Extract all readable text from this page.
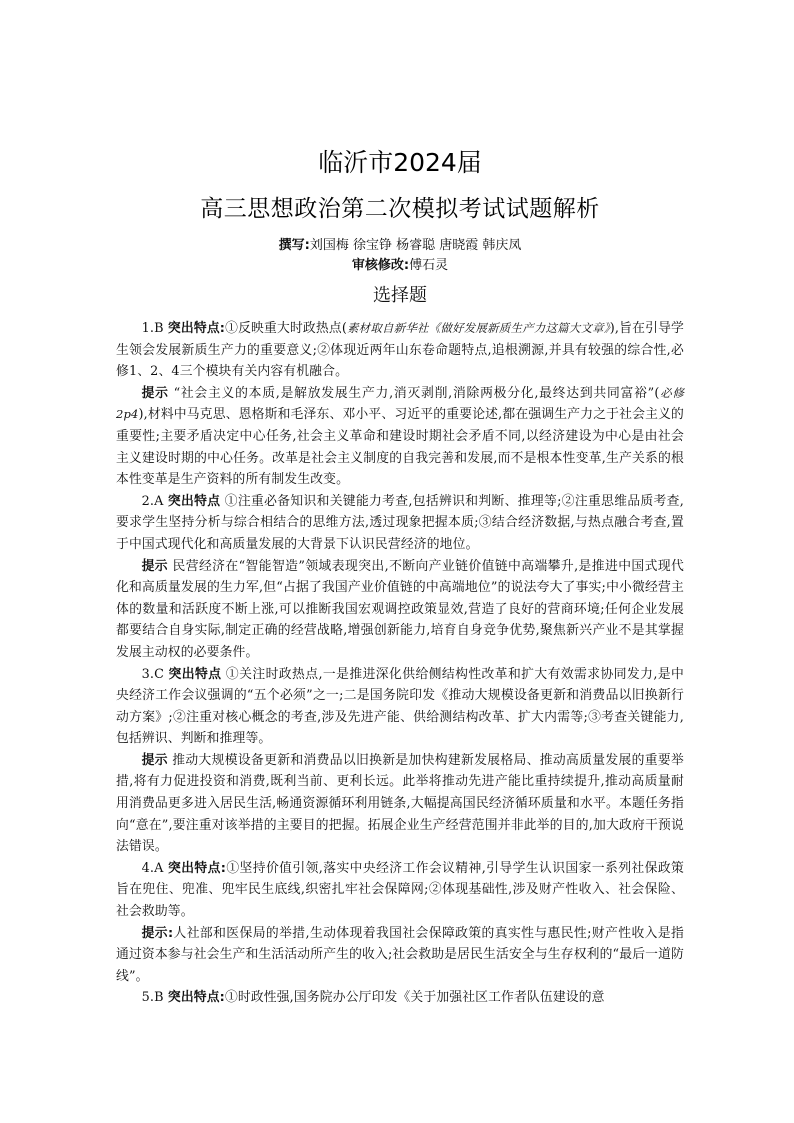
临沂市2024届
高三思想政治第二次模拟考试试题解析

撰写:刘国梅 徐宝铮 杨睿聪 唐晓霞 韩庆凤

审核修改:傅石灵

选择题

1.B 突出特点:①反映重大时政热点(素材取自新华社《做好发展新质生产力这篇大文章》),旨在引导学生领会发展新质生产力的重要意义;②体现近两年山东卷命题特点,追根溯源,并具有较强的综合性,必修1、2、4三个模块有关内容有机融合。

提示 “社会主义的本质,是解放发展生产力,消灭剥削,消除两极分化,最终达到共同富裕”(必修2p4),材料中马克思、恩格斯和毛泽东、邓小平、习近平的重要论述,都在强调生产力之于社会主义的重要性;主要矛盾决定中心任务,社会主义革命和建设时期社会矛盾不同,以经济建设为中心是由社会主义建设时期的中心任务。改革是社会主义制度的自我完善和发展,而不是根本性变革,生产关系的根本性变革是生产资料的所有制发生改变。

2.A 突出特点 ①注重必备知识和关键能力考查,包括辨识和判断、推理等;②注重思维品质考查,要求学生坚持分析与综合相结合的思维方法,透过现象把握本质;③结合经济数据,与热点融合考查,置于中国式现代化和高质量发展的大背景下认识民营经济的地位。

提示 民营经济在“智能智造”领域表现突出,不断向产业链价值链中高端攀升,是推进中国式现代化和高质量发展的生力军,但“占据了我国产业价值链的中高端地位”的说法夸大了事实;中小微经营主体的数量和活跃度不断上涨,可以推断我国宏观调控政策显效,营造了良好的营商环境;任何企业发展都要结合自身实际,制定正确的经营战略,增强创新能力,培育自身竞争优势,聚焦新兴产业不是其掌握发展主动权的必要条件。

3.C 突出特点 ①关注时政热点,一是推进深化供给侧结构性改革和扩大有效需求协同发力,是中央经济工作会议强调的“五个必须”之一;二是国务院印发《推动大规模设备更新和消费品以旧换新行动方案》;②注重对核心概念的考查,涉及先进产能、供给测结构改革、扩大内需等;③考查关键能力,包括辨识、判断和推理等。

提示 推动大规模设备更新和消费品以旧换新是加快构建新发展格局、推动高质量发展的重要举措,将有力促进投资和消费,既利当前、更利长远。此举将推动先进产能比重持续提升,推动高质量耐用消费品更多进入居民生活,畅通资源循环利用链条,大幅提高国民经济循环质量和水平。本题任务指向“意在”,要注重对该举措的主要目的把握。拓展企业生产经营范围并非此举的目的,加大政府干预说法错误。

4.A 突出特点:①坚持价值引领,落实中央经济工作会议精神,引导学生认识国家一系列社保政策旨在兜住、兜准、兜牢民生底线,织密扎牢社会保障网;②体现基础性,涉及财产性收入、社会保险、社会救助等。

提示:人社部和医保局的举措,生动体现着我国社会保障政策的真实性与惠民性;财产性收入是指通过资本参与社会生产和生活活动所产生的收入;社会救助是居民生活安全与生存权利的“最后一道防线”。

5.B 突出特点:①时政性强,国务院办公厅印发《关于加强社区工作者队伍建设的意
